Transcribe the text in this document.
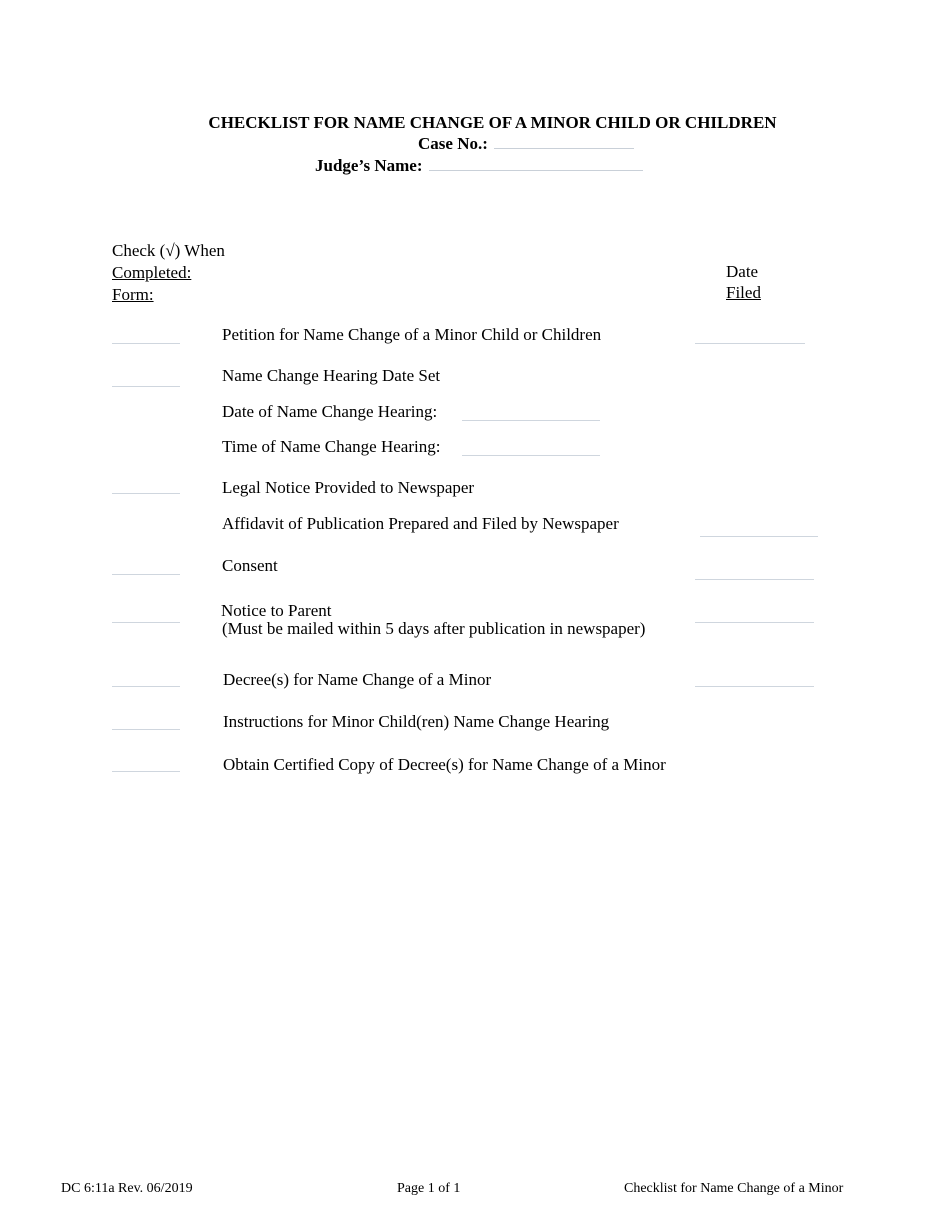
CHECKLIST FOR NAME CHANGE OF A MINOR CHILD OR CHILDREN
Case No.:
Judge’s Name:
Check (√) When
Completed:
Form:
Date
Filed
Petition for Name Change of a Minor Child or Children
Name Change Hearing Date Set
Date of Name Change Hearing:
Time of Name Change Hearing:
Legal Notice Provided to Newspaper
Affidavit of Publication Prepared and Filed by Newspaper
Consent
Notice to Parent
(Must be mailed within 5 days after publication in newspaper)
Decree(s) for Name Change of a Minor
Instructions for Minor Child(ren) Name Change Hearing
Obtain Certified Copy of Decree(s) for Name Change of a Minor
DC 6:11a Rev. 06/2019	Page 1 of 1	Checklist for Name Change of a Minor
